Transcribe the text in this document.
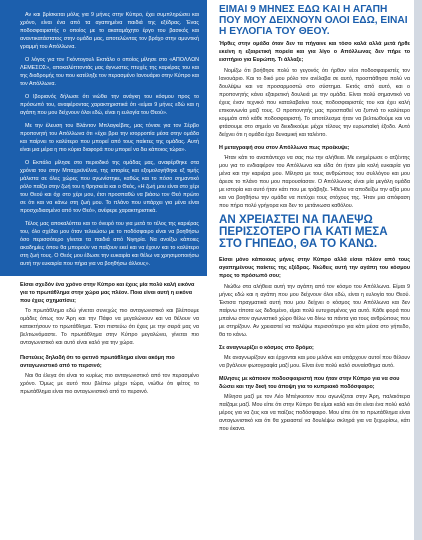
Αν και βρίσκεται μόλις για 9 μήνες στην Κύπρο, έχει συμπληρώσει και χρόνο, είναι ένα από τα αγαπημένα παιδιά της εξέδρας. Ένας ποδοσφαιριστής ο οποίος με το ακαταμάχητο έργο του βασικός και αναντικατάστατος στην ομάδα μας, αποτελώντας τον βράχο στην αμυντική γραμμή του Απόλλωνα.

Ο λόγος για τον Γκόντογουλ Εκπάλο ο οποίος μίλησε στο «ΑΠΟΛΛΩΝ ΛΕΜΕΣΟΣ», αποκαλύπτοντάς μας άγνωστες πτυχές της καριέρας του και της διαδρομής του που κατέληξε τον περασμένο Ιανουάριο στην Κύπρο και τον Απόλλωνα.

Ο Ιβοριανός δήλωσε ότι νιώθει την ανάγκη του κόσμου προς το πρόσωπό του, αναφέροντας χαρακτηριστικά ότι «είμαι 9 μήνες εδώ και η αγάπη που μου δείχνουν όλοι εδώ, είναι η ευλογία του Θεού».

Με την έλευση του Βλάντον Μπλαγκέβιτς, μας τόνισε για τον Σέρβο προπονητή του Απόλλωνα ότι «έχει βρει την ισορροπία μέσα στην ομάδα και παίρνει το καλύτερο που μπορεί από τους παίκτες της ομάδας. Αυτή είναι μια μέρα η πιο κύρια διαφορά που μπορεί να δει κάποιος τώρα».

Ο Εκπάλο μίλησε στο περιοδικό της ομάδας μας, αναφέρθηκε στα χρόνια του στην Μπαχρεϊνέλνα, της ιστορίες και εξομολογήθηκε εξ τιμής μάλιστα σε όλες χώρες που αγωνίστηκε, καθώς και το πόσο σημαντικό ρόλο παίζει στην ζωή του η θρησκεία και ο Θεός, «Η ζωή μου είναι στο χέρι του Θεού και όχι στο χέρι μου, έτσι προσπαθώ να βιάσω τον Θεό πρώτο σε ότι και να κάνω στη ζωή μου. Το πλάνο που υπάρχει για μένα είναι προσχεδιασμένο από τον Θεό», ανέφερε χαρακτηριστικά.

Τέλος μας αποκαλύπτει και το όνειρό του για μετά το τέλος της καριέρας του, όλο σχέδιο μου όταν τελειώσω με το ποδόσφαιρο είναι να βοηθήσω όσο περισσότερο γίνεται τα παιδιά από Νιγηρία. Να ανοίξω κάποιες ακαδημίες όπου θα μπορούν να παίζουν εκεί και να έχουν και το καλύτερο στη ζωή τους. Ο Θεός μου έδωσε την ευκαιρία και θέλω να χρησιμοποιήσω αυτή την ευκαιρία που πήρα για να βοηθήσω άλλους».

Είσαι σχεδόν ένα χρόνο στην Κύπρο και έχεις μία πολύ καλή εικόνα για το πρωτάθλημα στην χώρα μας πλέον. Ποια είναι αυτή η εικόνα που έχεις σχηματίσει;

Το πρωτάθλημα εδώ γίνεται συνεχώς πιο ανταγωνιστικό και βλέπουμε ομάδες όπως τον Άρη και την Πάφο να μεγαλώνουν και να θέλουν να κατακτήσουν το πρωτάθλημα. Έτσι πιστεύω ότι έχεις με την σειρά μας να βελτιωνόμαστε. Το πρωτάθλημα στην Κύπρο μεγαλώνει, γίνεται πιο ανταγωνιστικό και αυτό είναι καλό για την χώρα.

Πιστεύεις δηλαδή ότι το φετινό πρωτάθλημα είναι ακόμη πιο ανταγωνιστικό από το περσινό;

Ναι θα έλεγα ότι είναι το κυρίως πιο ανταγωνιστικό από τον περασμένο χρόνο. Όμως με αυτό που βλέπω μέχρι τώρα, νιώθω ότι φέτος το πρωτάθλημα είναι πιο ανταγωνιστικό από το περσινό.

ΕΙΜΑΙ 9 ΜΗΝΕΣ ΕΔΩ ΚΑΙ Η ΑΓΑΠΗ ΠΟΥ ΜΟΥ ΔΕΙΧΝΟΥΝ ΟΛΟΙ ΕΔΩ, ΕΙΝΑΙ Η ΕΥΛΟΓΙΑ ΤΟΥ ΘΕΟΥ.

Ήρθες στην ομάδα όταν δεν τα πήγαινε και τόσο καλά αλλά μετά ήρθε εκείνη η εξαιρετική πορεία και για λίγο ο Απόλλωνας δεν πήρε το εισιτήριο για Ευρώπη. Τι άλλαξε;

Νομίζω ότι βοήθησε πολύ το γεγονός ότι ήρθαν νέοι ποδοσφαιριστές τον Ιανουάριο. Και το δικό μου ρόλο τον ανέλαβα σε αυτό, προσπάθησα πολύ να δουλέψω και να προσαρμοστώ στο σύστημα. Εκτός από αυτό, και ο προπονητής κάνει εξαιρετική δουλειά με την ομάδα. Είναι πολύ σημαντικό να έχεις έναν τεχνικό που καταλαβαίνει τους ποδοσφαιριστές του και έχει καλή επικοινωνία μαζί τους. Ο προπονητής μας προσπαθεί να ξυπνά το καλύτερο κομμάτι από κάθε ποδοσφαιριστή. Το αποτέλεσμα ήταν να βελτιωθούμε και να φτάσουμε στο σημείο να διεκδικούμε μέχρι τέλους την ευρωπαϊκή έξοδο. Αυτό δείχνει ότι η ομάδα έχει δυναμική και ταλέντο.

Η μεταγραφή σου στον Απόλλωνα πως προέκυψε;

Ήταν κάτι το αναπάντεχο να σας πω την αλήθεια. Με ενημέρωσε ο ατζέντης μου για το ενδιαφέρον του Απόλλωνα και είδα ότι ήταν μία καλή ευκαιρία για μένα και την καριέρα μου. Μίλησα με τους ανθρώπους του συλλόγου και μου άρεσε το πλάνο που μου παρουσίασαν. Ο Απόλλωνας είναι μία μεγάλη ομάδα με ιστορία και αυτό ήταν κάτι που με τράβηξε. Ήθελα να αποδείξω την αξία μου και να βοηθήσω την ομάδα να πετύχει τους στόχους της. Ήταν μια απόφαση που πήρα πολύ γρήγορα και δεν το μετάνιωσα καθόλου.

ΑΝ ΧΡΕΙΑΣΤΕΙ ΝΑ ΠΑΛΕΨΩ ΠΕΡΙΣΣΟΤΕΡΟ ΓΙΑ ΚΑΤΙ ΜΕΣΑ ΣΤΟ ΓΗΠΕΔΟ, ΘΑ ΤΟ ΚΑΝΩ.

Είσαι μόνο κάποιους μήνες στην Κύπρο αλλά είσαι πλέον από τους αγαπημένους παίκτες της εξέδρας. Νιώθεις αυτή την αγάπη του κόσμου προς το πρόσωπό σου;

Νιώθω στα αλήθεια αυτή την αγάπη από τον κόσμο του Απόλλωνα. Είμαι 9 μήνες εδώ και η αγάπη που μου δείχνουν όλοι εδώ, είναι η ευλογία του Θεού. Έκτισα πραγματικά αυτή που μου δείχνει ο κόσμος του Απόλλωνα και δεν παίρνω τίποτα ως δεδομένο, είμαι πολύ ευτυχισμένος για αυτό. Κάθε φορά που μπαίνω στον αγωνιστικό χώρο θέλω να δίνω τα πάντα για τους ανθρώπους που με στηρίζουν. Αν χρειαστεί να παλέψω περισσότερο για κάτι μέσα στο γήπεδο, θα το κάνω.

Σε αναγνωρίζει ο κόσμος στο δρόμο;

Με αναγνωρίζουν και έρχονται και μου μιλάνε και υπάρχουν αυτοί που θέλουν να βγάλουν φωτογραφία μαζί μου. Είναι ένα πολύ καλό συναίσθημα αυτό.

Μίλησες με κάποιον ποδοσφαιριστή που ήταν στην Κύπρο για να σου δώσει και την δική του άποψη για το κυπριακό ποδόσφαιρο;

Μίλησα μαζί με τον Λέο Μπέγκιοτον που αγωνίζεται στην Άρη, παλαιότερα παίζαμε μαζί. Μου είπε ότι στην Κύπρο θα είμαι καλά και ότι είναι ένα πολύ καλό μέρος για να ζεις και να παίζεις ποδόσφαιρο. Μου είπε ότι το πρωτάθλημα είναι ανταγωνιστικό και ότι θα χρειαστεί να δουλέψω σκληρά για να ξεχωρίσω, κάτι που έκανα.
